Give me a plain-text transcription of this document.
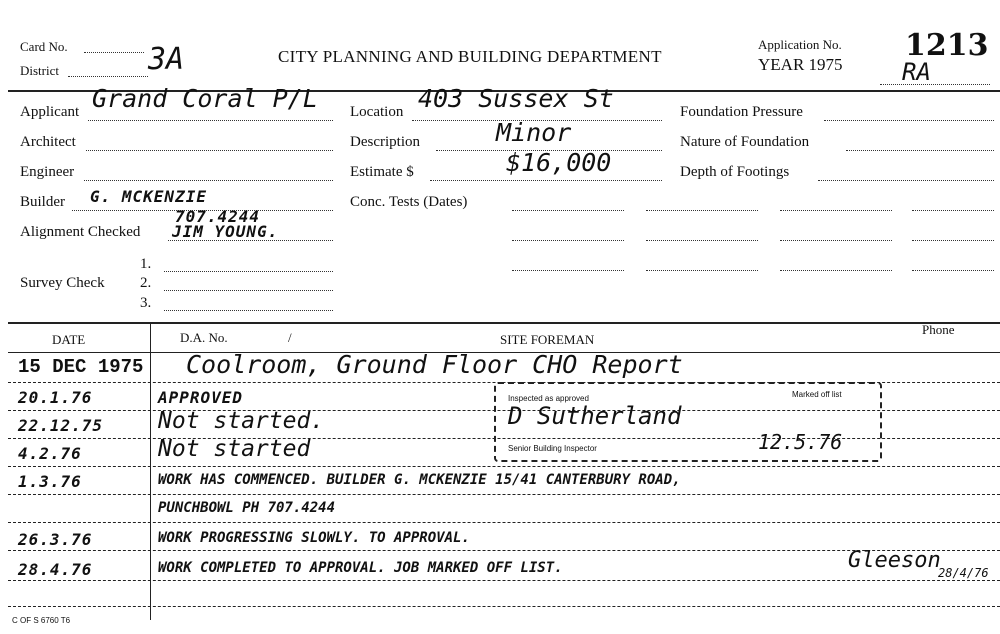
Card No.
District	3A	CITY PLANNING AND BUILDING DEPARTMENT
Application No.
YEAR 1975
1213
RA
Applicant Grand Coral P/L
Architect
Engineer
Builder G. MCKENZIE
707.4244
Alignment Checked JIM YOUNG.
Survey Check
1.
2.
3.
Location 403 Sussex St
Description	Minor
Estimate $	$16,000
Conc. Tests (Dates)
Foundation Pressure
Nature of Foundation
Depth of Footings
DATE	D.A. No.	/	SITE FOREMAN
Phone
15 DEC 1975 Coolroom, Ground Floor CHO Report
20.1.76	APPROVED
22.12.75 Not started.
4.2.76	Not started
1.3.76	WORK HAS COMMENCED. BUILDER G. MCKENZIE 15/41 CANTERBURY ROAD,
PUNCHBOWL PH 707.4244
26.3.76	WORK PROGRESSING SLOWLY. TO APPROVAL.
28.4.76	WORK COMPLETED TO APPROVAL. JOB MARKED OFF LIST.	Gleeson
28/4/76
Inspected as approved	Marked off list
D Sutherland
Senior Building Inspector	12.5.76
C OF S 6760 T6
